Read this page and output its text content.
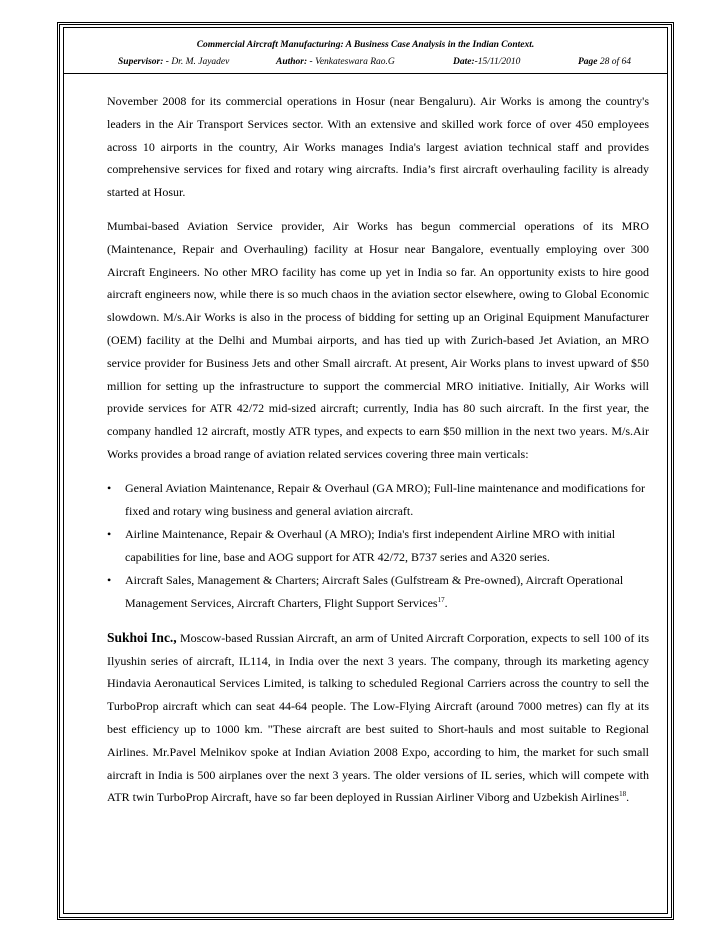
Commercial Aircraft Manufacturing: A Business Case Analysis in the Indian Context.
Supervisor: - Dr. M. Jayadev	Author: - Venkateswara Rao.G	Date:-15/11/2010	Page 28 of 64

November 2008 for its commercial operations in Hosur (near Bengaluru). Air Works is among the country's leaders in the Air Transport Services sector. With an extensive and skilled work force of over 450 employees across 10 airports in the country, Air Works manages India's largest aviation technical staff and provides comprehensive services for fixed and rotary wing aircrafts. India’s first aircraft overhauling facility is already started at Hosur.

Mumbai-based Aviation Service provider, Air Works has begun commercial operations of its MRO (Maintenance, Repair and Overhauling) facility at Hosur near Bangalore, eventually employing over 300 Aircraft Engineers. No other MRO facility has come up yet in India so far. An opportunity exists to hire good aircraft engineers now, while there is so much chaos in the aviation sector elsewhere, owing to Global Economic slowdown. M/s.Air Works is also in the process of bidding for setting up an Original Equipment Manufacturer (OEM) facility at the Delhi and Mumbai airports, and has tied up with Zurich-based Jet Aviation, an MRO service provider for Business Jets and other Small aircraft. At present, Air Works plans to invest upward of $50 million for setting up the infrastructure to support the commercial MRO initiative. Initially, Air Works will provide services for ATR 42/72 mid-sized aircraft; currently, India has 80 such aircraft. In the first year, the company handled 12 aircraft, mostly ATR types, and expects to earn $50 million in the next two years. M/s.Air Works provides a broad range of aviation related services covering three main verticals:

•	General Aviation Maintenance, Repair & Overhaul (GA MRO); Full-line maintenance and modifications for fixed and rotary wing business and general aviation aircraft.
•	Airline Maintenance, Repair & Overhaul (A MRO); India's first independent Airline MRO with initial capabilities for line, base and AOG support for ATR 42/72, B737 series and A320 series.
•	Aircraft Sales, Management & Charters; Aircraft Sales (Gulfstream & Pre-owned), Aircraft Operational Management Services, Aircraft Charters, Flight Support Services$^{17}$.

Sukhoi Inc., Moscow-based Russian Aircraft, an arm of United Aircraft Corporation, expects to sell 100 of its Ilyushin series of aircraft, IL114, in India over the next 3 years. The company, through its marketing agency Hindavia Aeronautical Services Limited, is talking to scheduled Regional Carriers across the country to sell the TurboProp aircraft which can seat 44-64 people. The Low-Flying Aircraft (around 7000 metres) can fly at its best efficiency up to 1000 km. "These aircraft are best suited to Short-hauls and most suitable to Regional Airlines. Mr.Pavel Melnikov spoke at Indian Aviation 2008 Expo, according to him, the market for such small aircraft in India is 500 airplanes over the next 3 years. The older versions of IL series, which will compete with ATR twin TurboProp Aircraft, have so far been deployed in Russian Airliner Viborg and Uzbekish Airlines$^{18}$.
